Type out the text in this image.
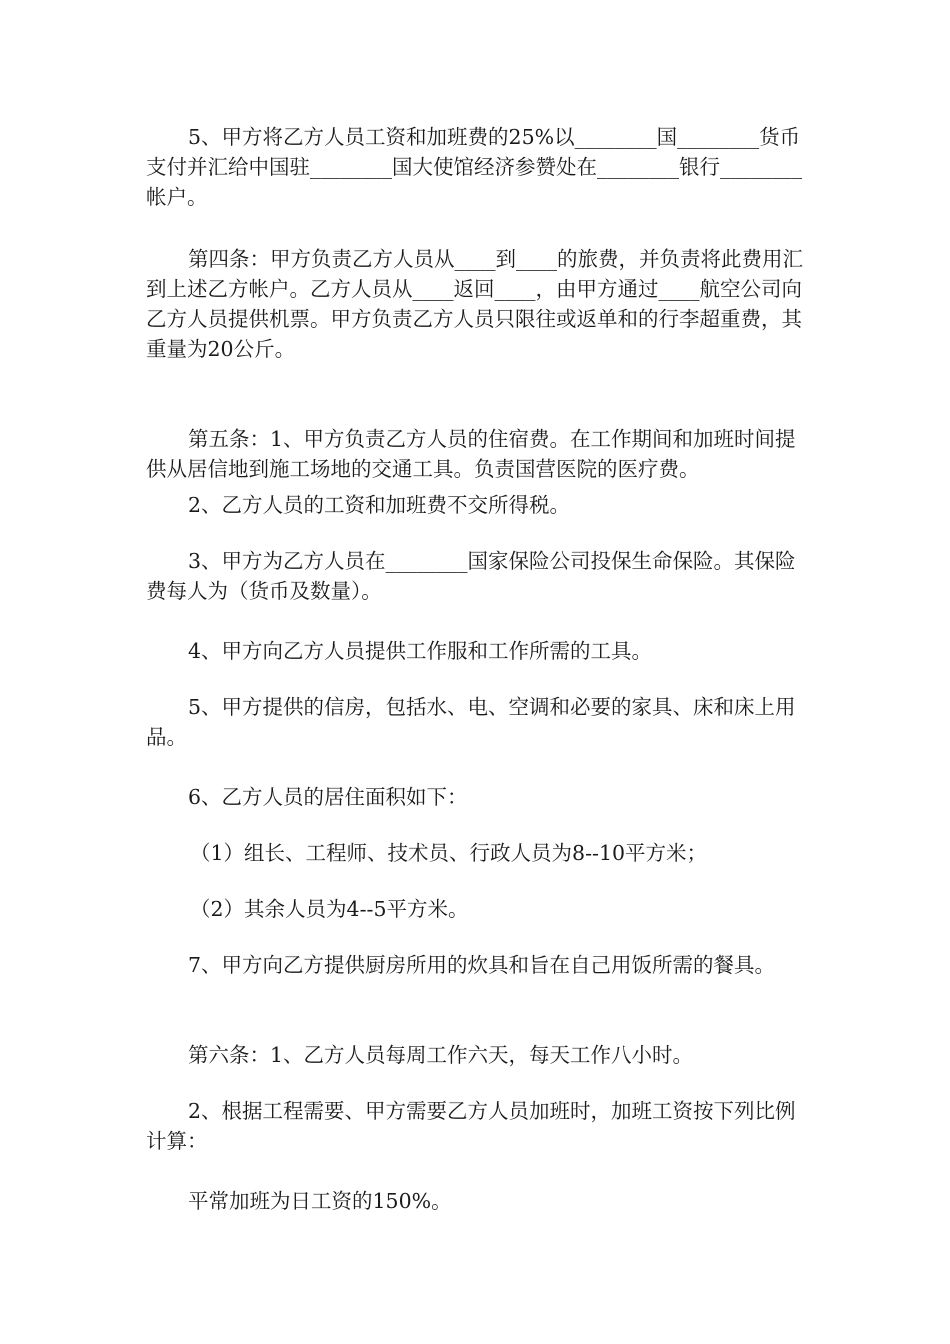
5、甲方将乙方人员工资和加班费的25%以________国________货币支付并汇给中国驻________国大使馆经济参赞处在________银行________帐户。

第四条：甲方负责乙方人员从____到____的旅费，并负责将此费用汇到上述乙方帐户。乙方人员从____返回____，由甲方通过____航空公司向乙方人员提供机票。甲方负责乙方人员只限往或返单和的行李超重费，其重量为20公斤。

第五条：1、甲方负责乙方人员的住宿费。在工作期间和加班时间提供从居信地到施工场地的交通工具。负责国营医院的医疗费。

2、乙方人员的工资和加班费不交所得税。

3、甲方为乙方人员在________国家保险公司投保生命保险。其保险费每人为（货币及数量）。

4、甲方向乙方人员提供工作服和工作所需的工具。

5、甲方提供的信房，包括水、电、空调和必要的家具、床和床上用品。

6、乙方人员的居住面积如下：

（1）组长、工程师、技术员、行政人员为8--10平方米；

（2）其余人员为4--5平方米。

7、甲方向乙方提供厨房所用的炊具和旨在自己用饭所需的餐具。

第六条：1、乙方人员每周工作六天，每天工作八小时。

2、根据工程需要、甲方需要乙方人员加班时，加班工资按下列比例计算：

平常加班为日工资的150%。
